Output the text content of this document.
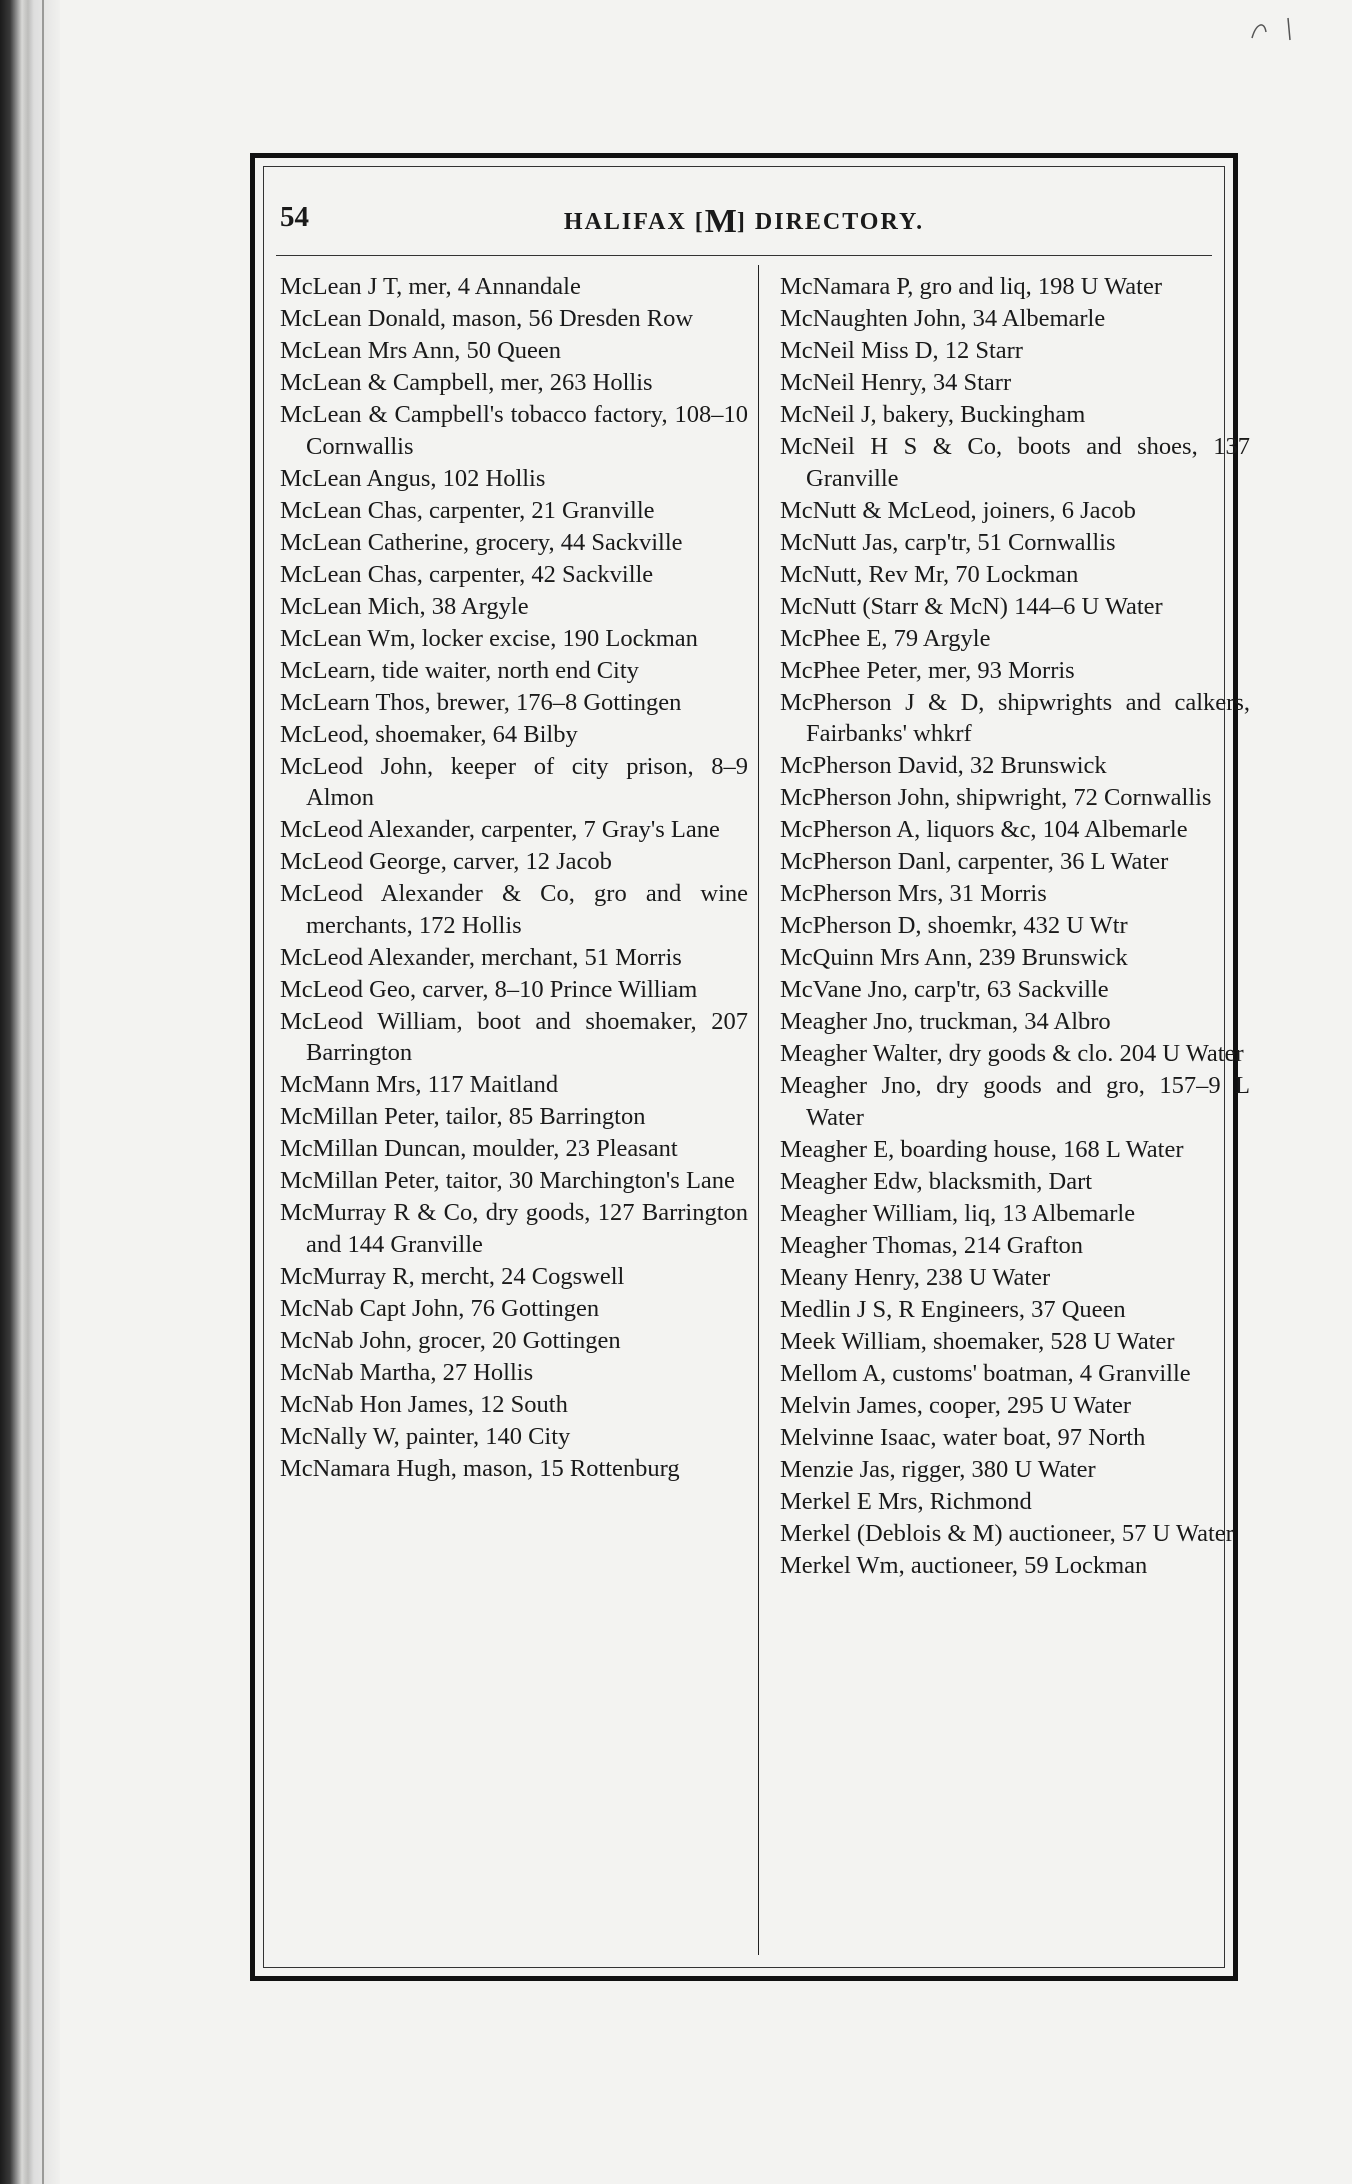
54	HALIFAX [M] DIRECTORY.

McLean J T, mer, 4 Annandale

McLean Donald, mason, 56 Dresden Row

McLean Mrs Ann, 50 Queen

McLean & Campbell, mer, 263 Hollis

McLean & Campbell's tobacco factory, 108–10 Cornwallis

McLean Angus, 102 Hollis

McLean Chas, carpenter, 21 Granville

McLean Catherine, grocery, 44 Sackville

McLean Chas, carpenter, 42 Sackville

McLean Mich, 38 Argyle

McLean Wm, locker excise, 190 Lockman

McLearn, tide waiter, north end City

McLearn Thos, brewer, 176–8 Gottingen

McLeod, shoemaker, 64 Bilby

McLeod John, keeper of city prison, 8–9 Almon

McLeod Alexander, carpenter, 7 Gray's Lane

McLeod George, carver, 12 Jacob

McLeod Alexander & Co, gro and wine merchants, 172 Hollis

McLeod Alexander, merchant, 51 Morris

McLeod Geo, carver, 8–10 Prince William

McLeod William, boot and shoemaker, 207 Barrington

McMann Mrs, 117 Maitland

McMillan Peter, tailor, 85 Barrington

McMillan Duncan, moulder, 23 Pleasant

McMillan Peter, taitor, 30 Marchington's Lane

McMurray R & Co, dry goods, 127 Barrington and 144 Granville

McMurray R, mercht, 24 Cogswell

McNab Capt John, 76 Gottingen

McNab John, grocer, 20 Gottingen

McNab Martha, 27 Hollis

McNab Hon James, 12 South

McNally W, painter, 140 City

McNamara Hugh, mason, 15 Rottenburg

McNamara P, gro and liq, 198 U Water

McNaughten John, 34 Albemarle

McNeil Miss D, 12 Starr

McNeil Henry, 34 Starr

McNeil J, bakery, Buckingham

McNeil H S & Co, boots and shoes, 137 Granville

McNutt & McLeod, joiners, 6 Jacob

McNutt Jas, carp'tr, 51 Cornwallis

McNutt, Rev Mr, 70 Lockman

McNutt (Starr & McN) 144–6 U Water

McPhee E, 79 Argyle

McPhee Peter, mer, 93 Morris

McPherson J & D, shipwrights and calkers, Fairbanks' whkrf

McPherson David, 32 Brunswick

McPherson John, shipwright, 72 Cornwallis

McPherson A, liquors &c, 104 Albemarle

McPherson Danl, carpenter, 36 L Water

McPherson Mrs, 31 Morris

McPherson D, shoemkr, 432 U Wtr

McQuinn Mrs Ann, 239 Brunswick

McVane Jno, carp'tr, 63 Sackville

Meagher Jno, truckman, 34 Albro

Meagher Walter, dry goods & clo. 204 U Water

Meagher Jno, dry goods and gro, 157–9 L Water

Meagher E, boarding house, 168 L Water

Meagher Edw, blacksmith, Dart

Meagher William, liq, 13 Albemarle

Meagher Thomas, 214 Grafton

Meany Henry, 238 U Water

Medlin J S, R Engineers, 37 Queen

Meek William, shoemaker, 528 U Water

Mellom A, customs' boatman, 4 Granville

Melvin James, cooper, 295 U Water

Melvinne Isaac, water boat, 97 North

Menzie Jas, rigger, 380 U Water

Merkel E Mrs, Richmond

Merkel (Deblois & M) auctioneer, 57 U Water

Merkel Wm, auctioneer, 59 Lockman
